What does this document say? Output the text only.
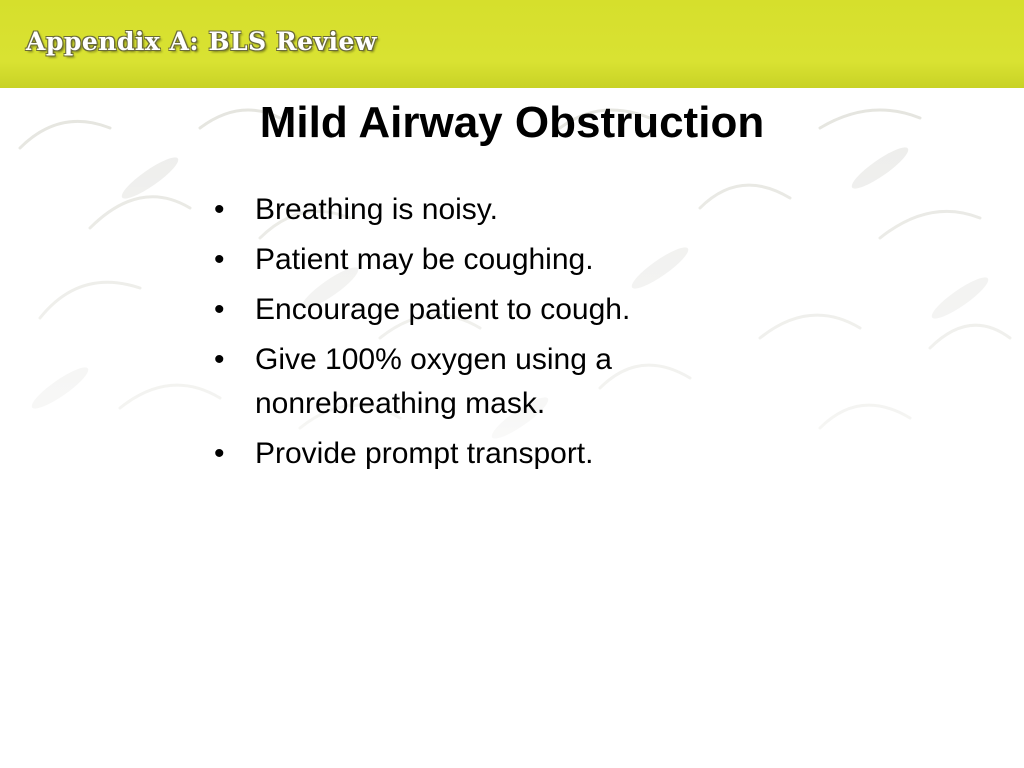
Appendix A: BLS Review
Mild Airway Obstruction
• Breathing is noisy.
• Patient may be coughing.
• Encourage patient to cough.
• Give 100% oxygen using a nonrebreathing mask.
• Provide prompt transport.
